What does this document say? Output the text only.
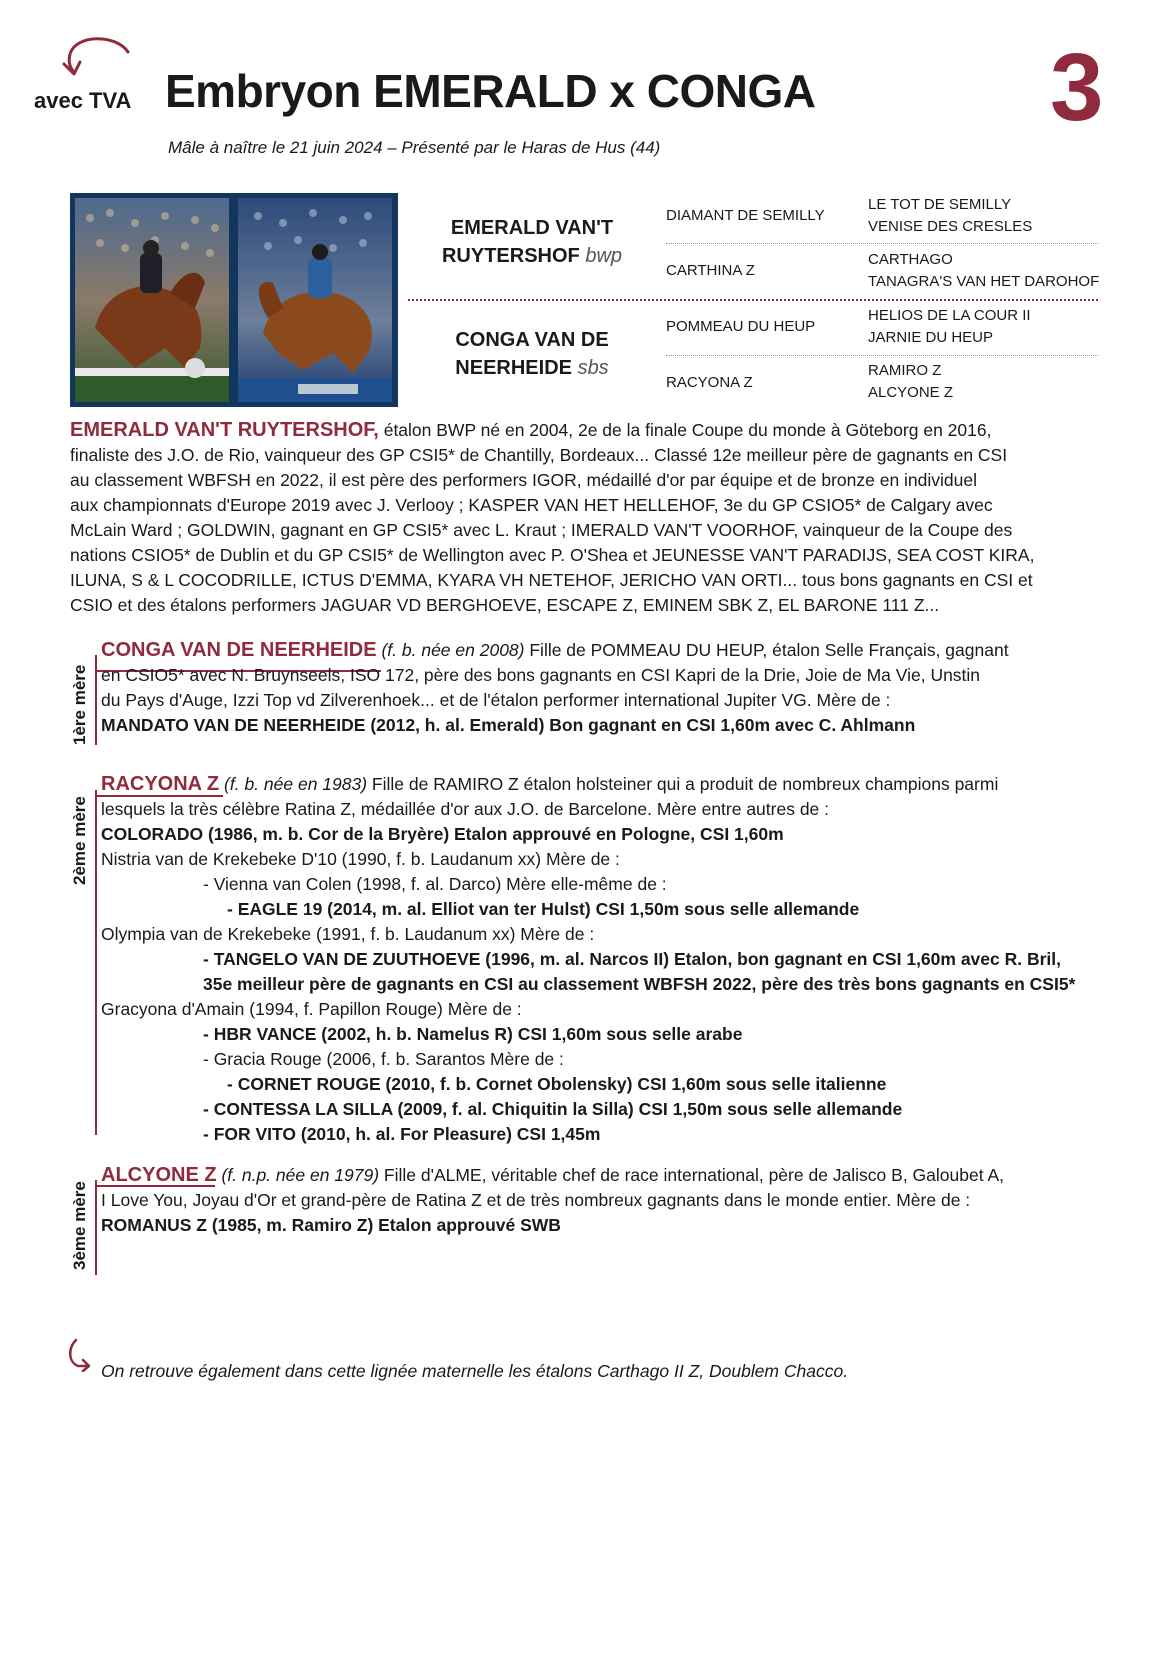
avec TVA Embryon EMERALD x CONGA 3
Mâle à naître le 21 juin 2024 – Présenté par le Haras de Hus (44)
EMERALD VAN'T
RUYTERSHOF bwp
CONGA VAN DE
NEERHEIDE sbs
DIAMANT DE SEMILLY
CARTHINA Z
POMMEAU DU HEUP
RACYONA Z
LE TOT DE SEMILLY
VENISE DES CRESLES
CARTHAGO
TANAGRA'S VAN HET DAROHOF
HELIOS DE LA COUR II
JARNIE DU HEUP
RAMIRO Z
ALCYONE Z
EMERALD VAN'T RUYTERSHOF, étalon BWP né en 2004, 2e de la finale Coupe du monde à Göteborg en 2016,
finaliste des J.O. de Rio, vainqueur des GP CSI5* de Chantilly, Bordeaux... Classé 12e meilleur père de gagnants en CSI
au classement WBFSH en 2022, il est père des performers IGOR, médaillé d'or par équipe et de bronze en individuel
aux championnats d'Europe 2019 avec J. Verlooy ; KASPER VAN HET HELLEHOF, 3e du GP CSIO5* de Calgary avec
McLain Ward ; GOLDWIN, gagnant en GP CSI5* avec L. Kraut ; IMERALD VAN'T VOORHOF, vainqueur de la Coupe des
nations CSIO5* de Dublin et du GP CSI5* de Wellington avec P. O'Shea et JEUNESSE VAN'T PARADIJS, SEA COST KIRA,
ILUNA, S & L COCODRILLE, ICTUS D'EMMA, KYARA VH NETEHOF, JERICHO VAN ORTI... tous bons gagnants en CSI et
CSIO et des étalons performers JAGUAR VD BERGHOEVE, ESCAPE Z, EMINEM SBK Z, EL BARONE 111 Z...
1ère mère
CONGA VAN DE NEERHEIDE (f. b. née en 2008) Fille de POMMEAU DU HEUP, étalon Selle Français, gagnant
en CSIO5* avec N. Bruynseels, ISO 172, père des bons gagnants en CSI Kapri de la Drie, Joie de Ma Vie, Unstin
du Pays d'Auge, Izzi Top vd Zilverenhoek... et de l'étalon performer international Jupiter VG. Mère de :
MANDATO VAN DE NEERHEIDE (2012, h. al. Emerald) Bon gagnant en CSI 1,60m avec C. Ahlmann
2ème mère
RACYONA Z (f. b. née en 1983) Fille de RAMIRO Z étalon holsteiner qui a produit de nombreux champions parmi
lesquels la très célèbre Ratina Z, médaillée d'or aux J.O. de Barcelone. Mère entre autres de :
COLORADO (1986, m. b. Cor de la Bryère) Etalon approuvé en Pologne, CSI 1,60m
Nistria van de Krekebeke D'10 (1990, f. b. Laudanum xx) Mère de :
- Vienna van Colen (1998, f. al. Darco) Mère elle-même de :
- EAGLE 19 (2014, m. al. Elliot van ter Hulst) CSI 1,50m sous selle allemande
Olympia van de Krekebeke (1991, f. b. Laudanum xx) Mère de :
- TANGELO VAN DE ZUUTHOEVE (1996, m. al. Narcos II) Etalon, bon gagnant en CSI 1,60m avec R. Bril,
35e meilleur père de gagnants en CSI au classement WBFSH 2022, père des très bons gagnants en CSI5*
Gracyona d'Amain (1994, f. Papillon Rouge) Mère de :
- HBR VANCE (2002, h. b. Namelus R) CSI 1,60m sous selle arabe
- Gracia Rouge (2006, f. b. Sarantos Mère de :
- CORNET ROUGE (2010, f. b. Cornet Obolensky) CSI 1,60m sous selle italienne
- CONTESSA LA SILLA (2009, f. al. Chiquitin la Silla) CSI 1,50m sous selle allemande
- FOR VITO (2010, h. al. For Pleasure) CSI 1,45m
3ème mère
ALCYONE Z (f. n.p. née en 1979) Fille d'ALME, véritable chef de race international, père de Jalisco B, Galoubet A,
I Love You, Joyau d'Or et grand-père de Ratina Z et de très nombreux gagnants dans le monde entier. Mère de :
ROMANUS Z (1985, m. Ramiro Z) Etalon approuvé SWB
On retrouve également dans cette lignée maternelle les étalons Carthago II Z, Doublem Chacco.
